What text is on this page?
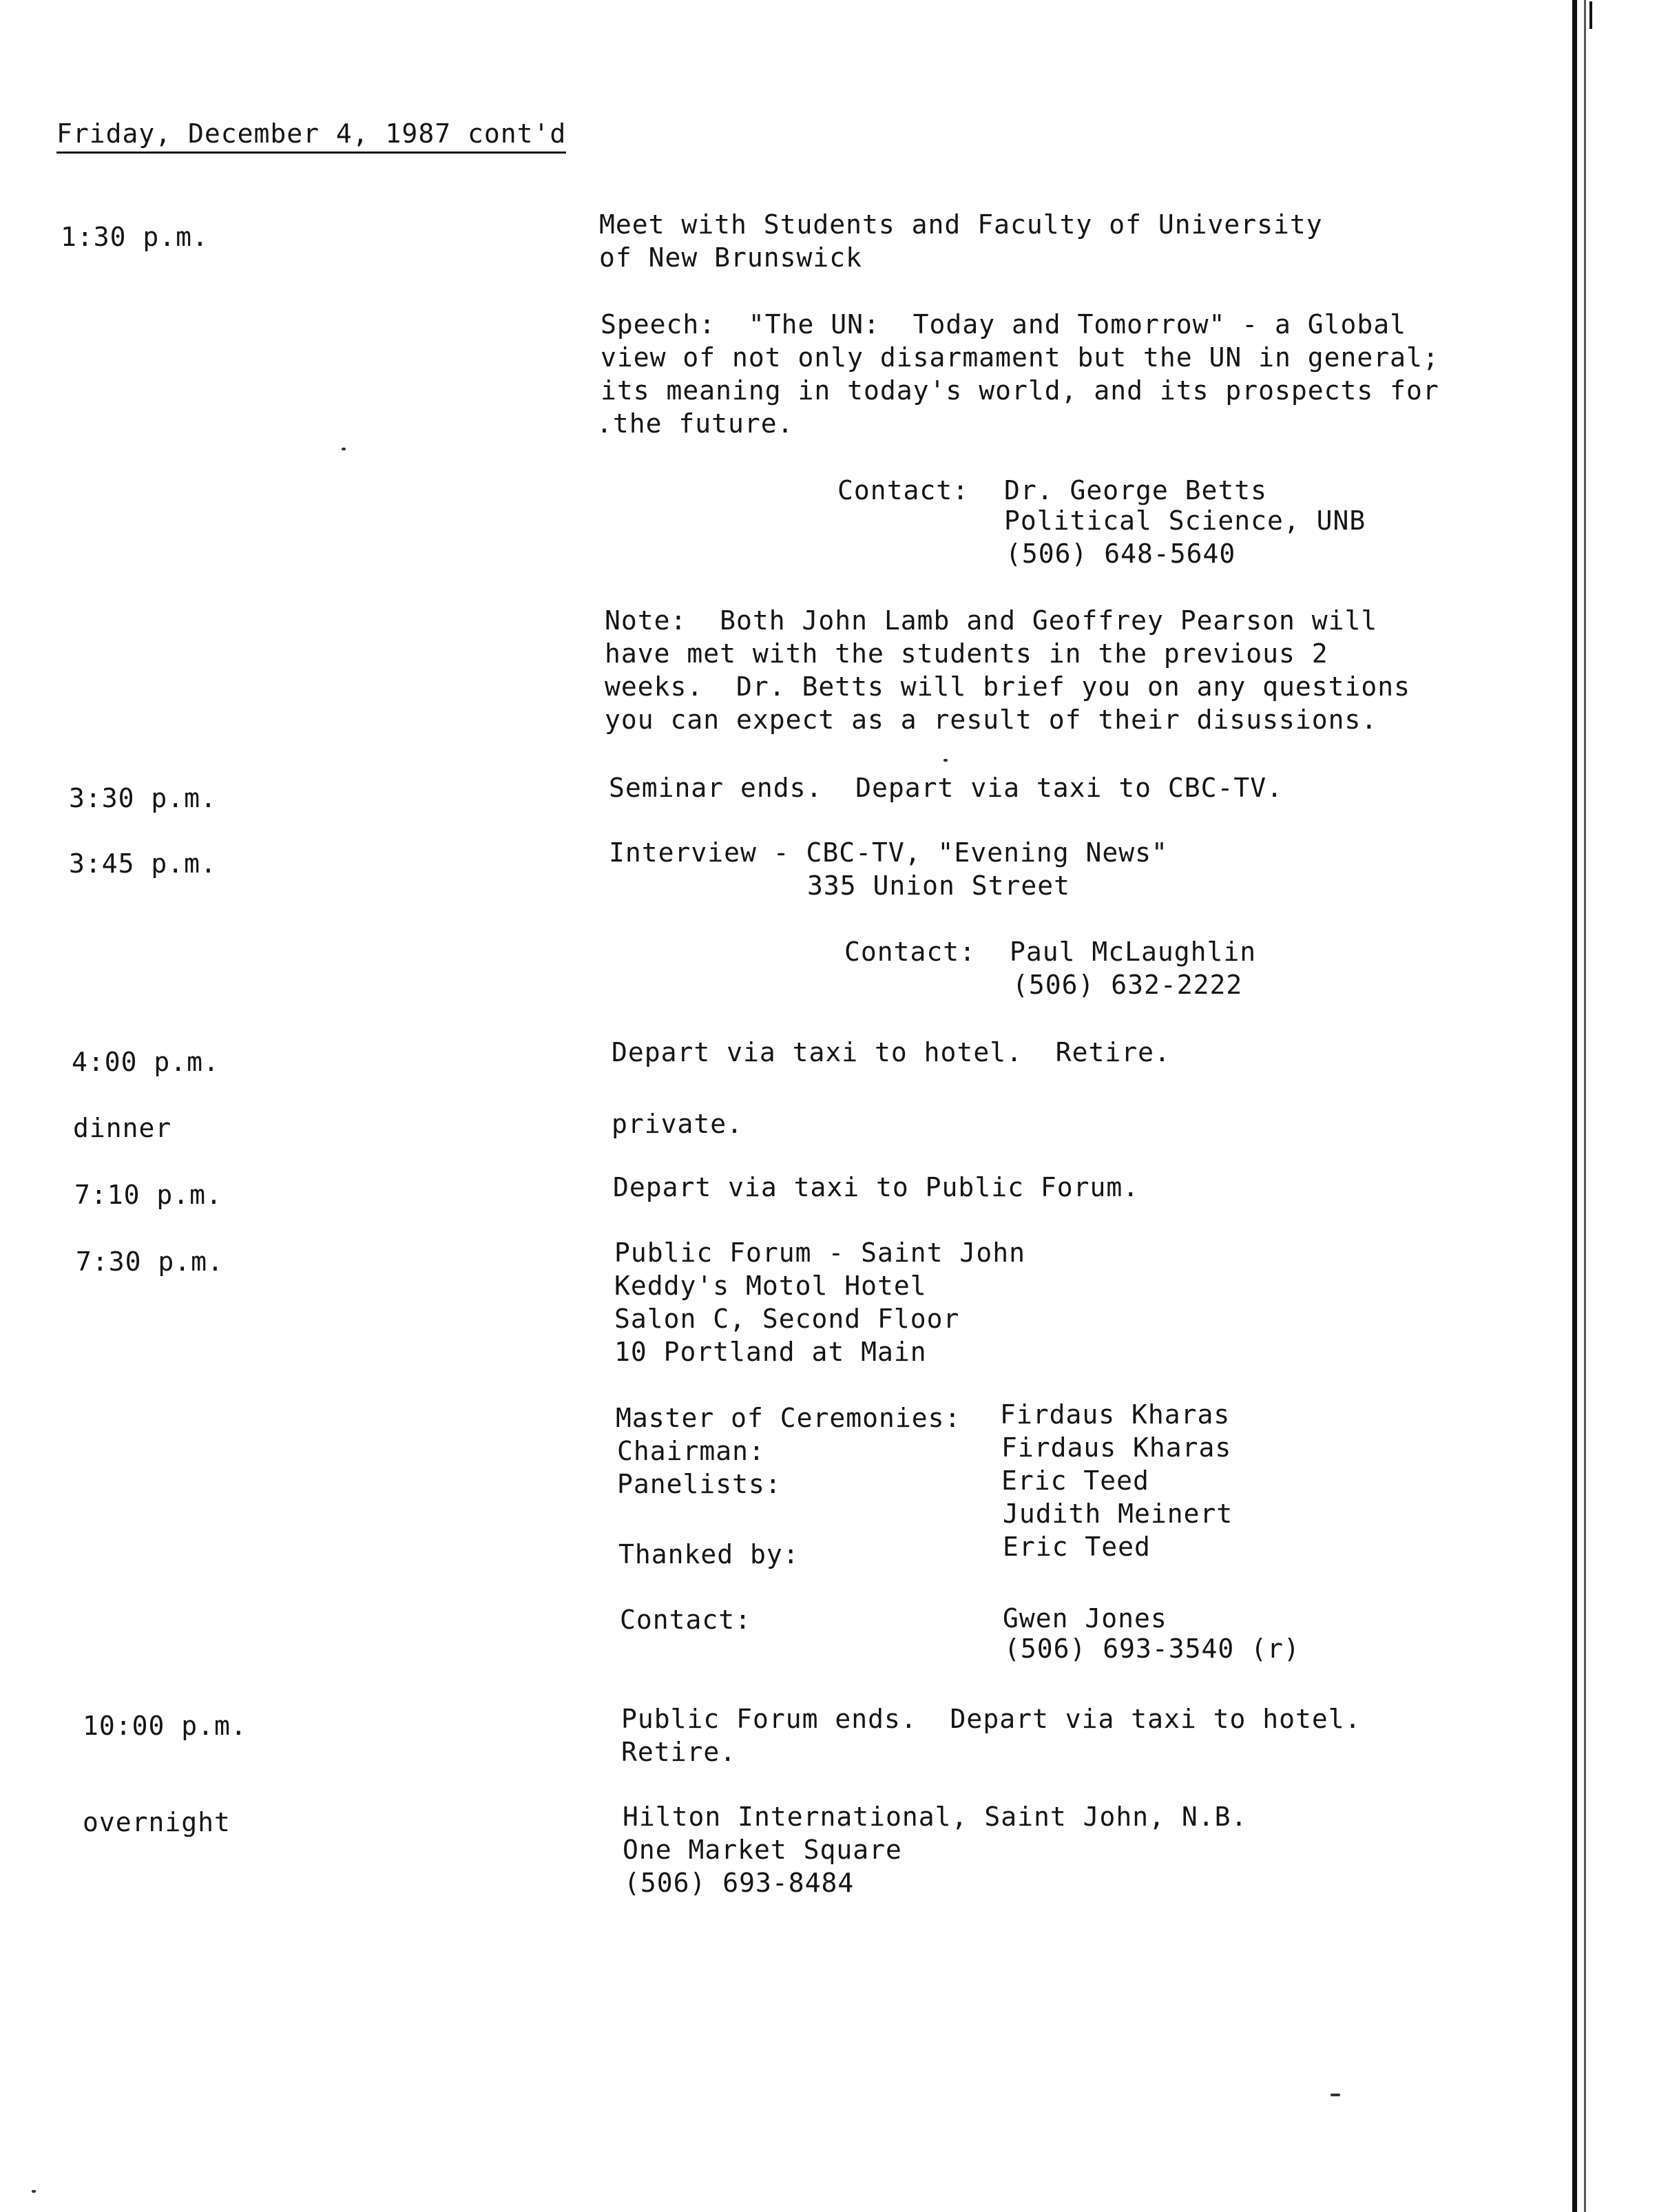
Friday, December 4, 1987 cont'd
1:30 p.m.	Meet with Students and Faculty of University
of New Brunswick
Speech:  "The UN:  Today and Tomorrow" - a Global
view of not only disarmament but the UN in general;
its meaning in today's world, and its prospects for
.the future.
Contact: Dr. George Betts
Political Science, UNB
(506) 648-5640
Note:  Both John Lamb and Geoffrey Pearson will
have met with the students in the previous 2
weeks.  Dr. Betts will brief you on any questions
you can expect as a result of their disussions.
3:30 p.m.	Seminar ends.  Depart via taxi to CBC-TV.
3:45 p.m.	Interview - CBC-TV, "Evening News"
335 Union Street
Contact: Paul McLaughlin
(506) 632-2222
4:00 p.m.	Depart via taxi to hotel.  Retire.
dinner	private.
7:10 p.m.	Depart via taxi to Public Forum.
7:30 p.m.	Public Forum - Saint John
Keddy's Motol Hotel
Salon C, Second Floor
10 Portland at Main
Master of Ceremonies: Firdaus Kharas
Chairman:	Firdaus Kharas
Panelists:	Eric Teed
Judith Meinert
Thanked by:	Eric Teed
Contact:	Gwen Jones
(506) 693-3540 (r)
10:00 p.m.	Public Forum ends.  Depart via taxi to hotel.
Retire.
overnight	Hilton International, Saint John, N.B.
One Market Square
(506) 693-8484
